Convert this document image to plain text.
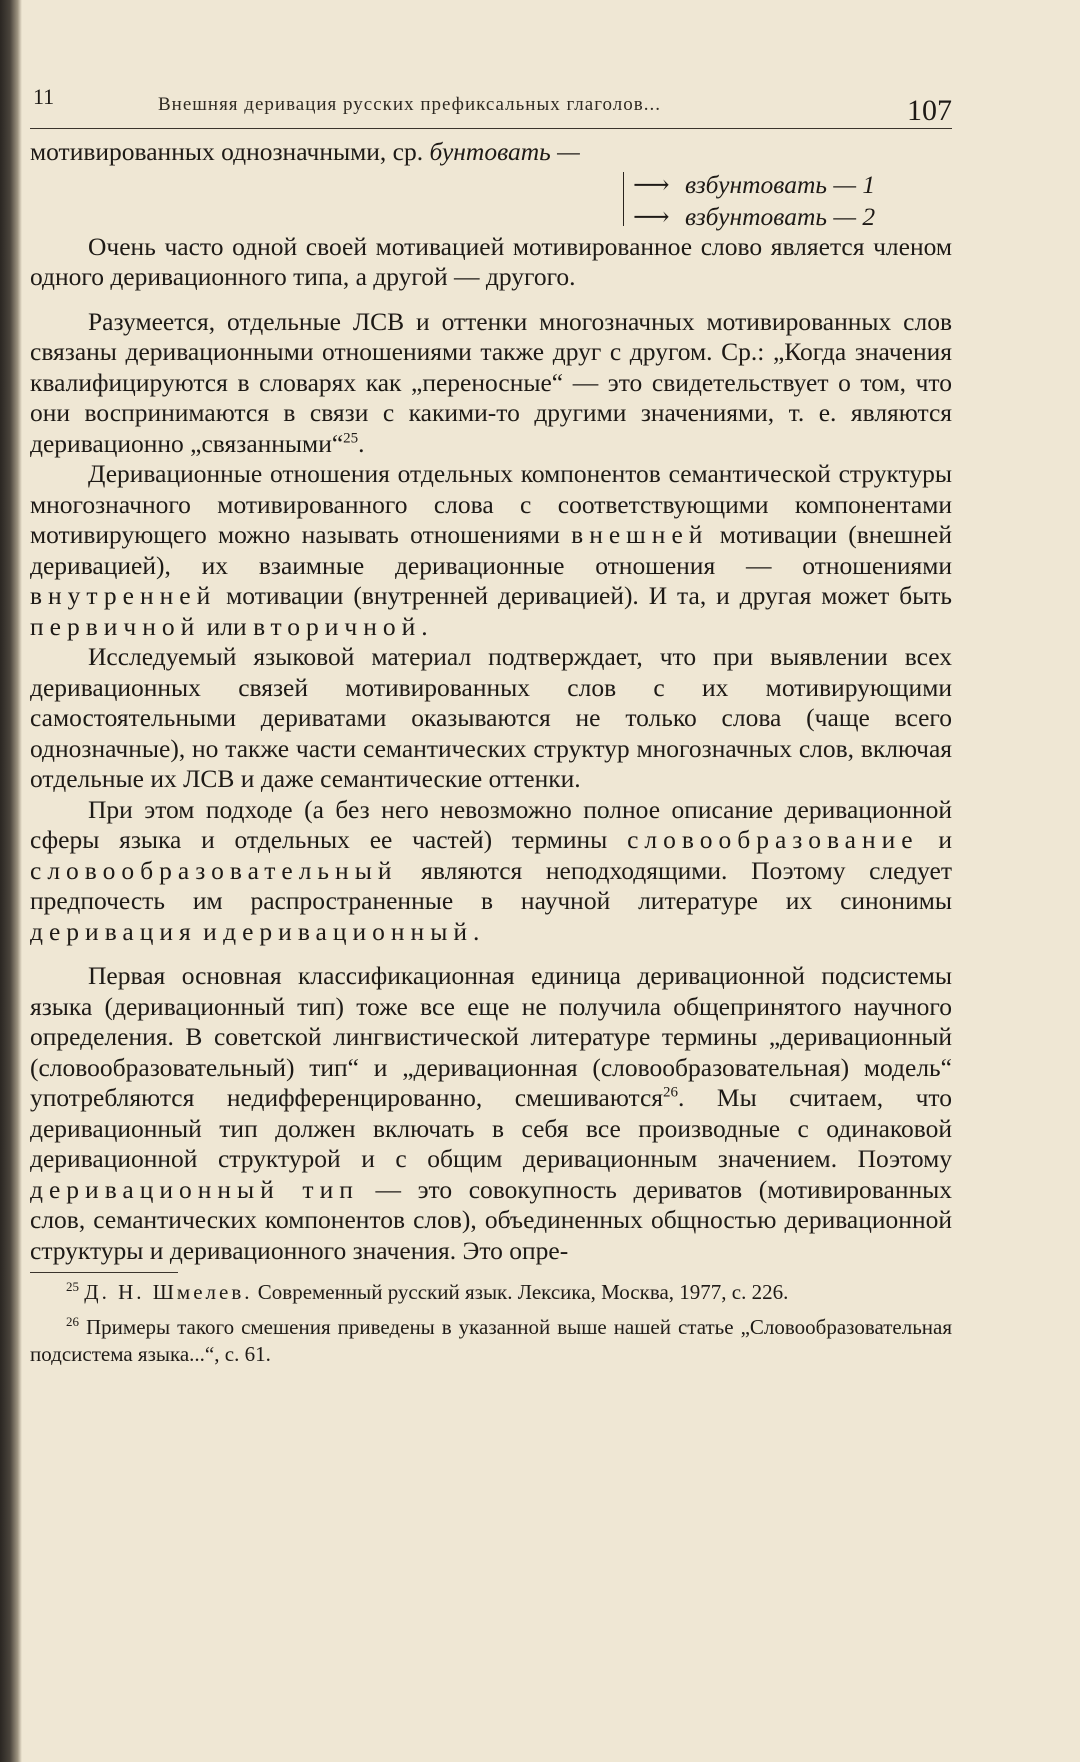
11	Внешняя деривация русских префиксальных глаголов...	107

мотивированных однозначными, ср. бунтовать —

⟶ взбунтовать — 1
⟶ взбунтовать — 2

Очень часто одной своей мотивацией мотивированное слово является членом одного деривационного типа, а другой — другого.

Разумеется, отдельные ЛСВ и оттенки многозначных мотивированных слов связаны деривационными отношениями также друг с другом. Ср.: „Когда значения квалифицируются в словарях как „переносные“ — это свидетельствует о том, что они воспринимаются в связи с какими-то другими значениями, т. е. являются деривационно „связанными“$^{25}$.

Деривационные отношения отдельных компонентов семантической структуры многозначного мотивированного слова с соответствующими компонентами мотивирующего можно называть отношениями внешней мотивации (внешней деривацией), их взаимные деривационные отношения — отношениями внутренней мотивации (внутренней деривацией). И та, и другая может быть первичной или вторичной.

Исследуемый языковой материал подтверждает, что при выявлении всех деривационных связей мотивированных слов с их мотивирующими самостоятельными дериватами оказываются не только слова (чаще всего однозначные), но также части семантических структур многозначных слов, включая отдельные их ЛСВ и даже семантические оттенки.

При этом подходе (а без него невозможно полное описание деривационной сферы языка и отдельных ее частей) термины словообразование и словообразовательный являются неподходящими. Поэтому следует предпочесть им распространенные в научной литературе их синонимы деривация и деривационный.

Первая основная классификационная единица деривационной подсистемы языка (деривационный тип) тоже все еще не получила общепринятого научного определения. В советской лингвистической литературе термины „деривационный (словообразовательный) тип“ и „деривационная (словообразовательная) модель“ употребляются недифференцированно, смешиваются$^{26}$. Мы считаем, что деривационный тип должен включать в себя все производные с одинаковой деривационной структурой и с общим деривационным значением. Поэтому деривационный тип — это совокупность дериватов (мотивированных слов, семантических компонентов слов), объединенных общностью деривационной структуры и деривационного значения. Это опре-

$^{25}$ Д. Н. Шмелев. Современный русский язык. Лексика, Москва, 1977, с. 226.

$^{26}$ Примеры такого смешения приведены в указанной выше нашей статье „Словообразовательная подсистема языка...“, с. 61.
